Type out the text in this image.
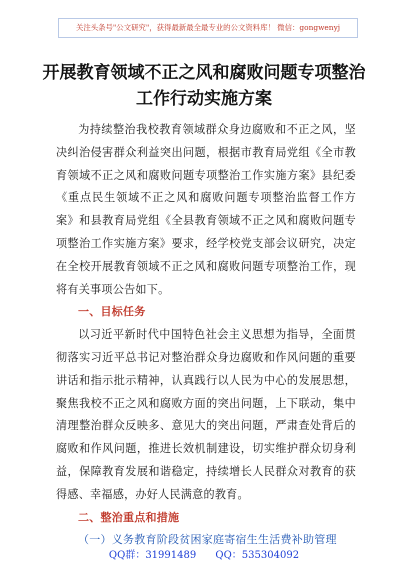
关注头条号"公文研究"，获得最新最全最专业的公文资料库！ 微信：gongwenyj
开展教育领域不正之风和腐败问题专项整治工作行动实施方案

为持续整治我校教育领域群众身边腐败和不正之风，坚决纠治侵害群众利益突出问题，根据市教育局党组《全市教育领域不正之风和腐败问题专项整治工作实施方案》县纪委《重点民生领域不正之风和腐败问题专项整治监督工作方案》和县教育局党组《全县教育领域不正之风和腐败问题专项整治工作实施方案》要求，经学校党支部会议研究，决定在全校开展教育领域不正之风和腐败问题专项整治工作，现将有关事项公告如下。

一、目标任务

以习近平新时代中国特色社会主义思想为指导，全面贯彻落实习近平总书记对整治群众身边腐败和作风问题的重要讲话和指示批示精神，认真践行以人民为中心的发展思想，聚焦我校不正之风和腐败方面的突出问题，上下联动，集中清理整治群众反映多、意见大的突出问题，严肃查处背后的腐败和作风问题，推进长效机制建设，切实维护群众切身利益，保障教育发展和谐稳定，持续增长人民群众对教育的获得感、幸福感，办好人民满意的教育。

二、整治重点和措施
（一）义务教育阶段贫困家庭寄宿生生活费补助管理
QQ群：31991489 QQ：535304092
